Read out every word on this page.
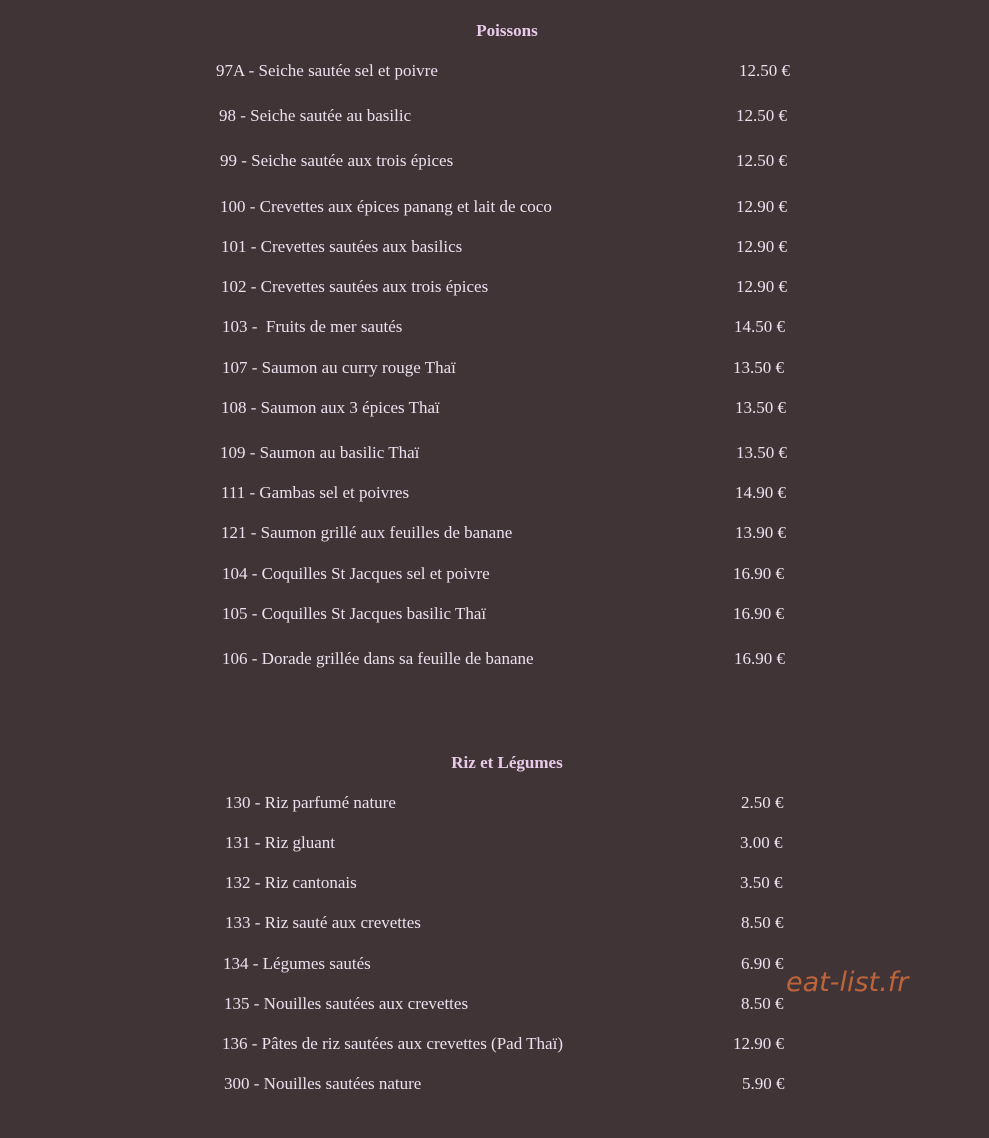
Poissons
97A - Seiche sautée sel et poivre	12.50 €
98 - Seiche sautée au basilic	12.50 €
99 - Seiche sautée aux trois épices	12.50 €
100 - Crevettes aux épices panang et lait de coco	12.90 €
101 - Crevettes sautées aux basilics	12.90 €
102 - Crevettes sautées aux trois épices	12.90 €
103 -  Fruits de mer sautés	14.50 €
107 - Saumon au curry rouge Thaï	13.50 €
108 - Saumon aux 3 épices Thaï	13.50 €
109 - Saumon au basilic Thaï	13.50 €
111 - Gambas sel et poivres	14.90 €
121 - Saumon grillé aux feuilles de banane	13.90 €
104 - Coquilles St Jacques sel et poivre	16.90 €
105 - Coquilles St Jacques basilic Thaï	16.90 €
106 - Dorade grillée dans sa feuille de banane	16.90 €
Riz et Légumes
130 - Riz parfumé nature	2.50 €
131 - Riz gluant	3.00 €
132 - Riz cantonais	3.50 €
133 - Riz sauté aux crevettes	8.50 €
134 - Légumes sautés	6.90 €
135 - Nouilles sautées aux crevettes	8.50 €
136 - Pâtes de riz sautées aux crevettes (Pad Thaï)	12.90 €
300 - Nouilles sautées nature	5.90 €
eat-list.fr
